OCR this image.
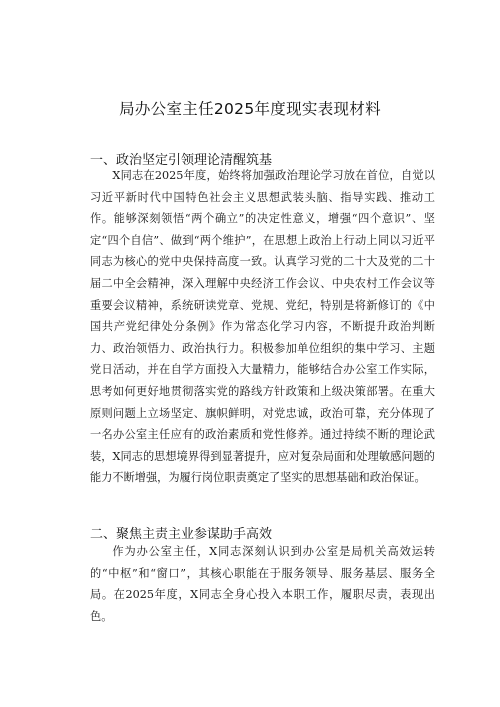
局办公室主任2025年度现实表现材料
一、政治坚定引领理论清醒筑基
X同志在2025年度，始终将加强政治理论学习放在首位，自觉以习近平新时代中国特色社会主义思想武装头脑、指导实践、推动工作。能够深刻领悟“两个确立”的决定性意义，增强“四个意识”、坚定“四个自信”、做到“两个维护”，在思想上政治上行动上同以习近平同志为核心的党中央保持高度一致。认真学习党的二十大及党的二十届二中全会精神，深入理解中央经济工作会议、中央农村工作会议等重要会议精神，系统研读党章、党规、党纪，特别是将新修订的《中国共产党纪律处分条例》作为常态化学习内容，不断提升政治判断力、政治领悟力、政治执行力。积极参加单位组织的集中学习、主题党日活动，并在自学方面投入大量精力，能够结合办公室工作实际，思考如何更好地贯彻落实党的路线方针政策和上级决策部署。在重大原则问题上立场坚定、旗帜鲜明，对党忠诚，政治可靠，充分体现了一名办公室主任应有的政治素质和党性修养。通过持续不断的理论武装，X同志的思想境界得到显著提升，应对复杂局面和处理敏感问题的能力不断增强，为履行岗位职责奠定了坚实的思想基础和政治保证。
二、聚焦主责主业参谋助手高效
作为办公室主任，X同志深刻认识到办公室是局机关高效运转的“中枢”和“窗口”，其核心职能在于服务领导、服务基层、服务全局。在2025年度，X同志全身心投入本职工作，履职尽责，表现出色。
